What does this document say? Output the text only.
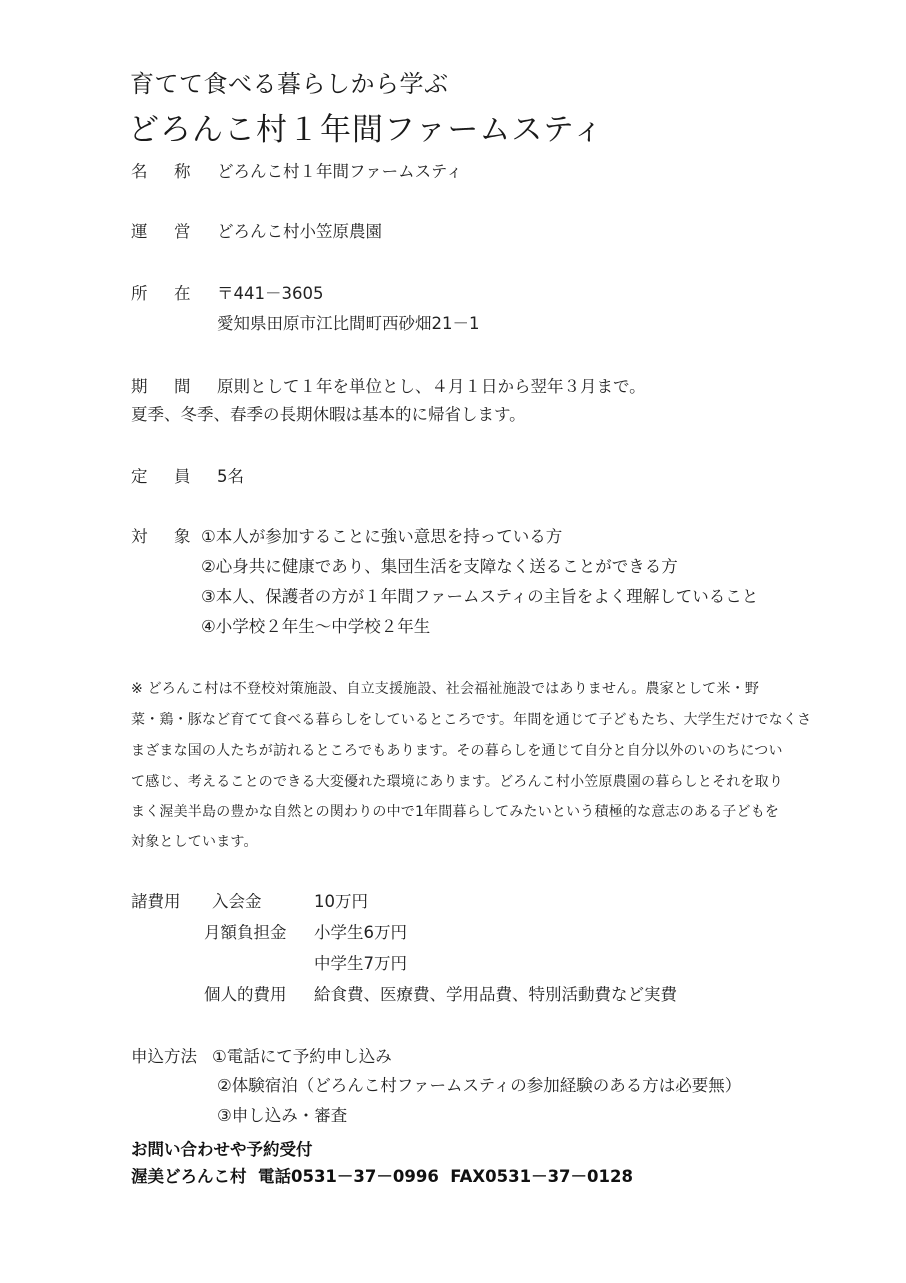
育てて食べる暮らしから学ぶ
どろんこ村１年間ファームスティ
名 称 どろんこ村１年間ファームスティ
運 営 どろんこ村小笠原農園
所 在 〒441－3605
愛知県田原市江比間町西砂畑21－1
期 間 原則として１年を単位とし、４月１日から翌年３月まで。
夏季、冬季、春季の長期休暇は基本的に帰省します。
定 員 5名
対 象 ①本人が参加することに強い意思を持っている方
②心身共に健康であり、集団生活を支障なく送ることができる方
③本人、保護者の方が１年間ファームスティの主旨をよく理解していること
④小学校２年生～中学校２年生
※ どろんこ村は不登校対策施設、自立支援施設、社会福祉施設ではありません。農家として米・野
菜・鶏・豚など育てて食べる暮らしをしているところです。年間を通じて子どもたち、大学生だけでなくさ
まざまな国の人たちが訪れるところでもあります。その暮らしを通じて自分と自分以外のいのちについ
て感じ、考えることのできる大変優れた環境にあります。どろんこ村小笠原農園の暮らしとそれを取り
まく渥美半島の豊かな自然との関わりの中で1年間暮らしてみたいという積極的な意志のある子どもを
対象としています。
諸費用 入会金	10万円
月額負担金 小学生6万円
中学生7万円
個人的費用 給食費、医療費、学用品費、特別活動費など実費
申込方法 ①電話にて予約申し込み
②体験宿泊（どろんこ村ファームスティの参加経験のある方は必要無）
③申し込み・審査
お問い合わせや予約受付
渥美どろんこ村  電話0531－37－0996  FAX0531－37－0128
